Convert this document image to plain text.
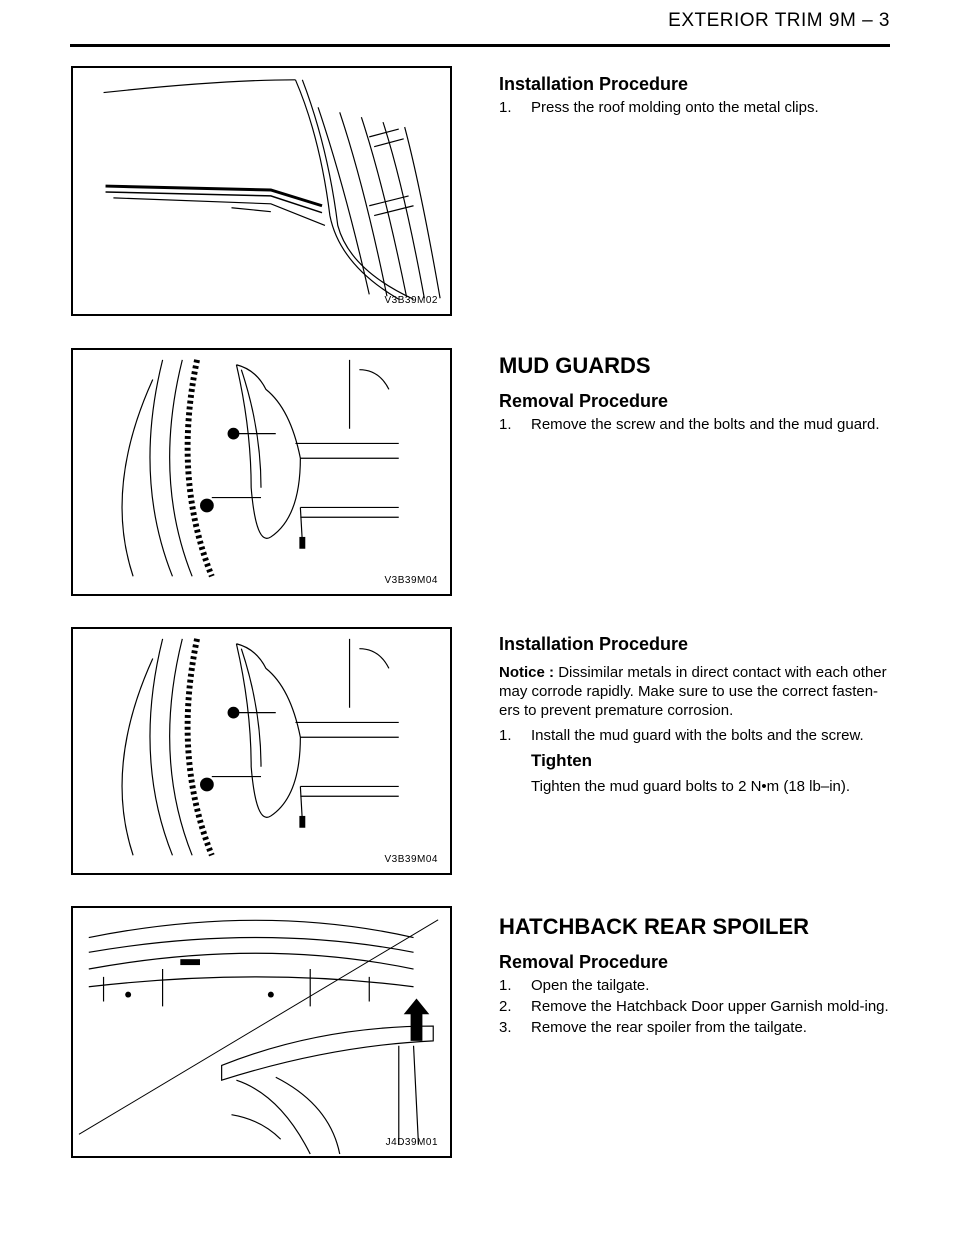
EXTERIOR TRIM 9M – 3
V3B39M02
V3B39M04
V3B39M04
J4D39M01
Installation Procedure
1. Press the roof molding onto the metal clips.
MUD GUARDS
Removal Procedure
1. Remove the screw and the bolts and the mud guard.
Installation Procedure
Notice : Dissimilar metals in direct contact with each other may corrode rapidly. Make sure to use the correct fasten-ers to prevent premature corrosion.
1. Install the mud guard with the bolts and the screw.
Tighten
Tighten the mud guard bolts to 2 N•m (18 lb–in).
HATCHBACK REAR SPOILER
Removal Procedure
1. Open the tailgate.
2. Remove the Hatchback Door upper Garnish mold-ing.
3. Remove the rear spoiler from the tailgate.
